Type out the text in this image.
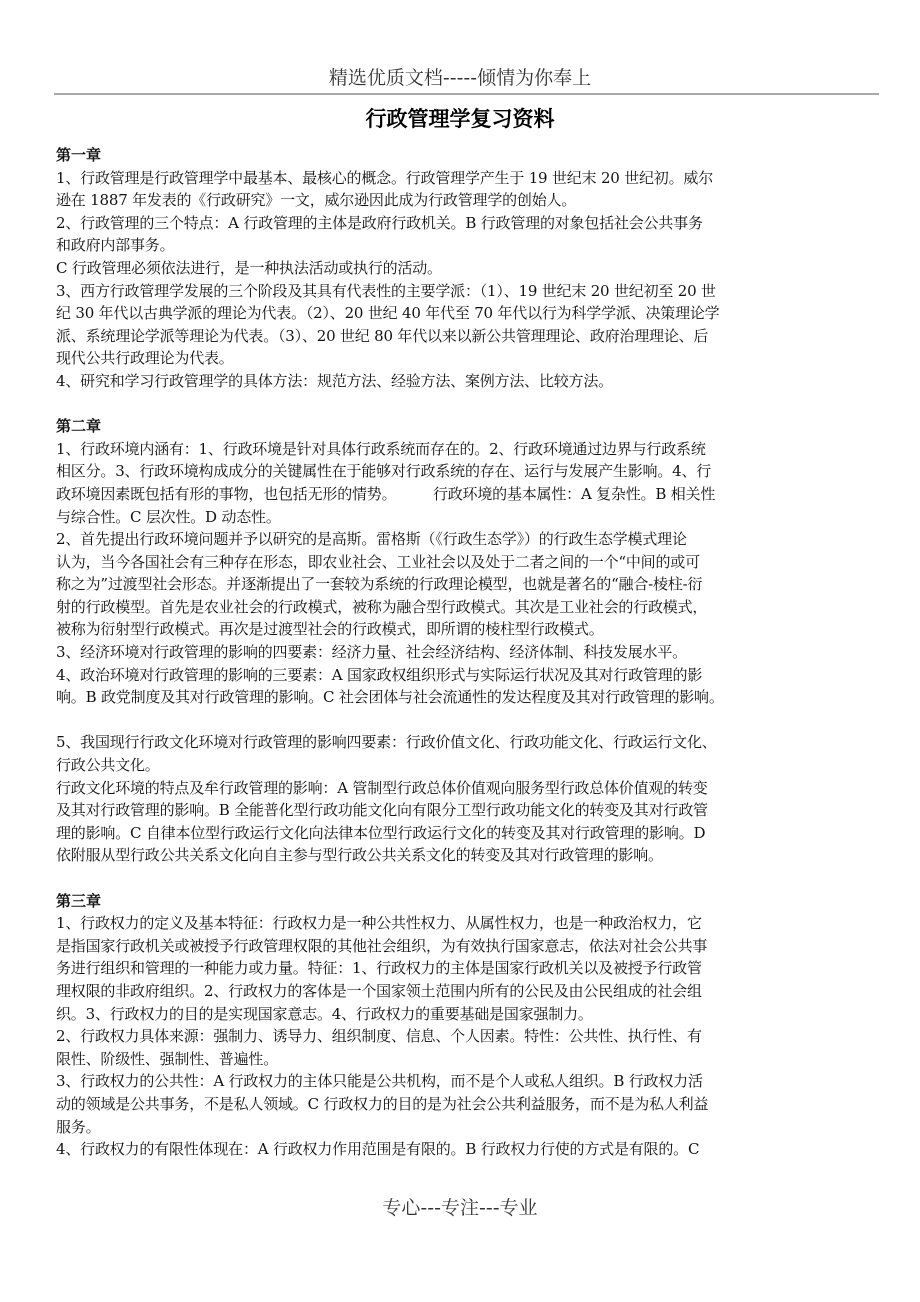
精选优质文档-----倾情为你奉上
行政管理学复习资料
第一章
1、行政管理是行政管理学中最基本、最核心的概念。行政管理学产生于 19 世纪末 20 世纪初。威尔
逊在 1887 年发表的《行政研究》一文，威尔逊因此成为行政管理学的创始人。
2、行政管理的三个特点：A 行政管理的主体是政府行政机关。B 行政管理的对象包括社会公共事务
和政府内部事务。
C 行政管理必须依法进行，是一种执法活动或执行的活动。
3、西方行政管理学发展的三个阶段及其具有代表性的主要学派：（1）、19 世纪末 20 世纪初至 20 世
纪 30 年代以古典学派的理论为代表。（2）、20 世纪 40 年代至 70 年代以行为科学学派、决策理论学
派、系统理论学派等理论为代表。（3）、20 世纪 80 年代以来以新公共管理理论、政府治理理论、后
现代公共行政理论为代表。
4、研究和学习行政管理学的具体方法：规范方法、经验方法、案例方法、比较方法。
第二章
1、行政环境内涵有：1、行政环境是针对具体行政系统而存在的。2、行政环境通过边界与行政系统
相区分。3、行政环境构成成分的关键属性在于能够对行政系统的存在、运行与发展产生影响。4、行
政环境因素既包括有形的事物，也包括无形的情势。        行政环境的基本属性：A 复杂性。B 相关性
与综合性。C 层次性。D 动态性。
2、首先提出行政环境问题并予以研究的是高斯。雷格斯（《行政生态学》）的行政生态学模式理论
认为，当今各国社会有三种存在形态，即农业社会、工业社会以及处于二者之间的一个“中间的或可
称之为”过渡型社会形态。并逐渐提出了一套较为系统的行政理论模型，也就是著名的“融合-棱柱-衍
射的行政模型。首先是农业社会的行政模式，被称为融合型行政模式。其次是工业社会的行政模式，
被称为衍射型行政模式。再次是过渡型社会的行政模式，即所谓的棱柱型行政模式。
3、经济环境对行政管理的影响的四要素：经济力量、社会经济结构、经济体制、科技发展水平。
4、政治环境对行政管理的影响的三要素：A 国家政权组织形式与实际运行状况及其对行政管理的影
响。B 政党制度及其对行政管理的影响。C 社会团体与社会流通性的发达程度及其对行政管理的影响。
5、我国现行行政文化环境对行政管理的影响四要素：行政价值文化、行政功能文化、行政运行文化、
行政公共文化。
行政文化环境的特点及牟行政管理的影响：A 管制型行政总体价值观向服务型行政总体价值观的转变
及其对行政管理的影响。B 全能普化型行政功能文化向有限分工型行政功能文化的转变及其对行政管
理的影响。C 自律本位型行政运行文化向法律本位型行政运行文化的转变及其对行政管理的影响。D
依附服从型行政公共关系文化向自主参与型行政公共关系文化的转变及其对行政管理的影响。
第三章
1、行政权力的定义及基本特征：行政权力是一种公共性权力、从属性权力，也是一种政治权力，它
是指国家行政机关或被授予行政管理权限的其他社会组织，为有效执行国家意志，依法对社会公共事
务进行组织和管理的一种能力或力量。特征：1、行政权力的主体是国家行政机关以及被授予行政管
理权限的非政府组织。2、行政权力的客体是一个国家领土范围内所有的公民及由公民组成的社会组
织。3、行政权力的目的是实现国家意志。4、行政权力的重要基础是国家强制力。
2、行政权力具体来源：强制力、诱导力、组织制度、信息、个人因素。特性：公共性、执行性、有
限性、阶级性、强制性、普遍性。
3、行政权力的公共性：A 行政权力的主体只能是公共机构，而不是个人或私人组织。B 行政权力活
动的领域是公共事务，不是私人领域。C 行政权力的目的是为社会公共利益服务，而不是为私人利益
服务。
4、行政权力的有限性体现在：A 行政权力作用范围是有限的。B 行政权力行使的方式是有限的。C
专心---专注---专业
